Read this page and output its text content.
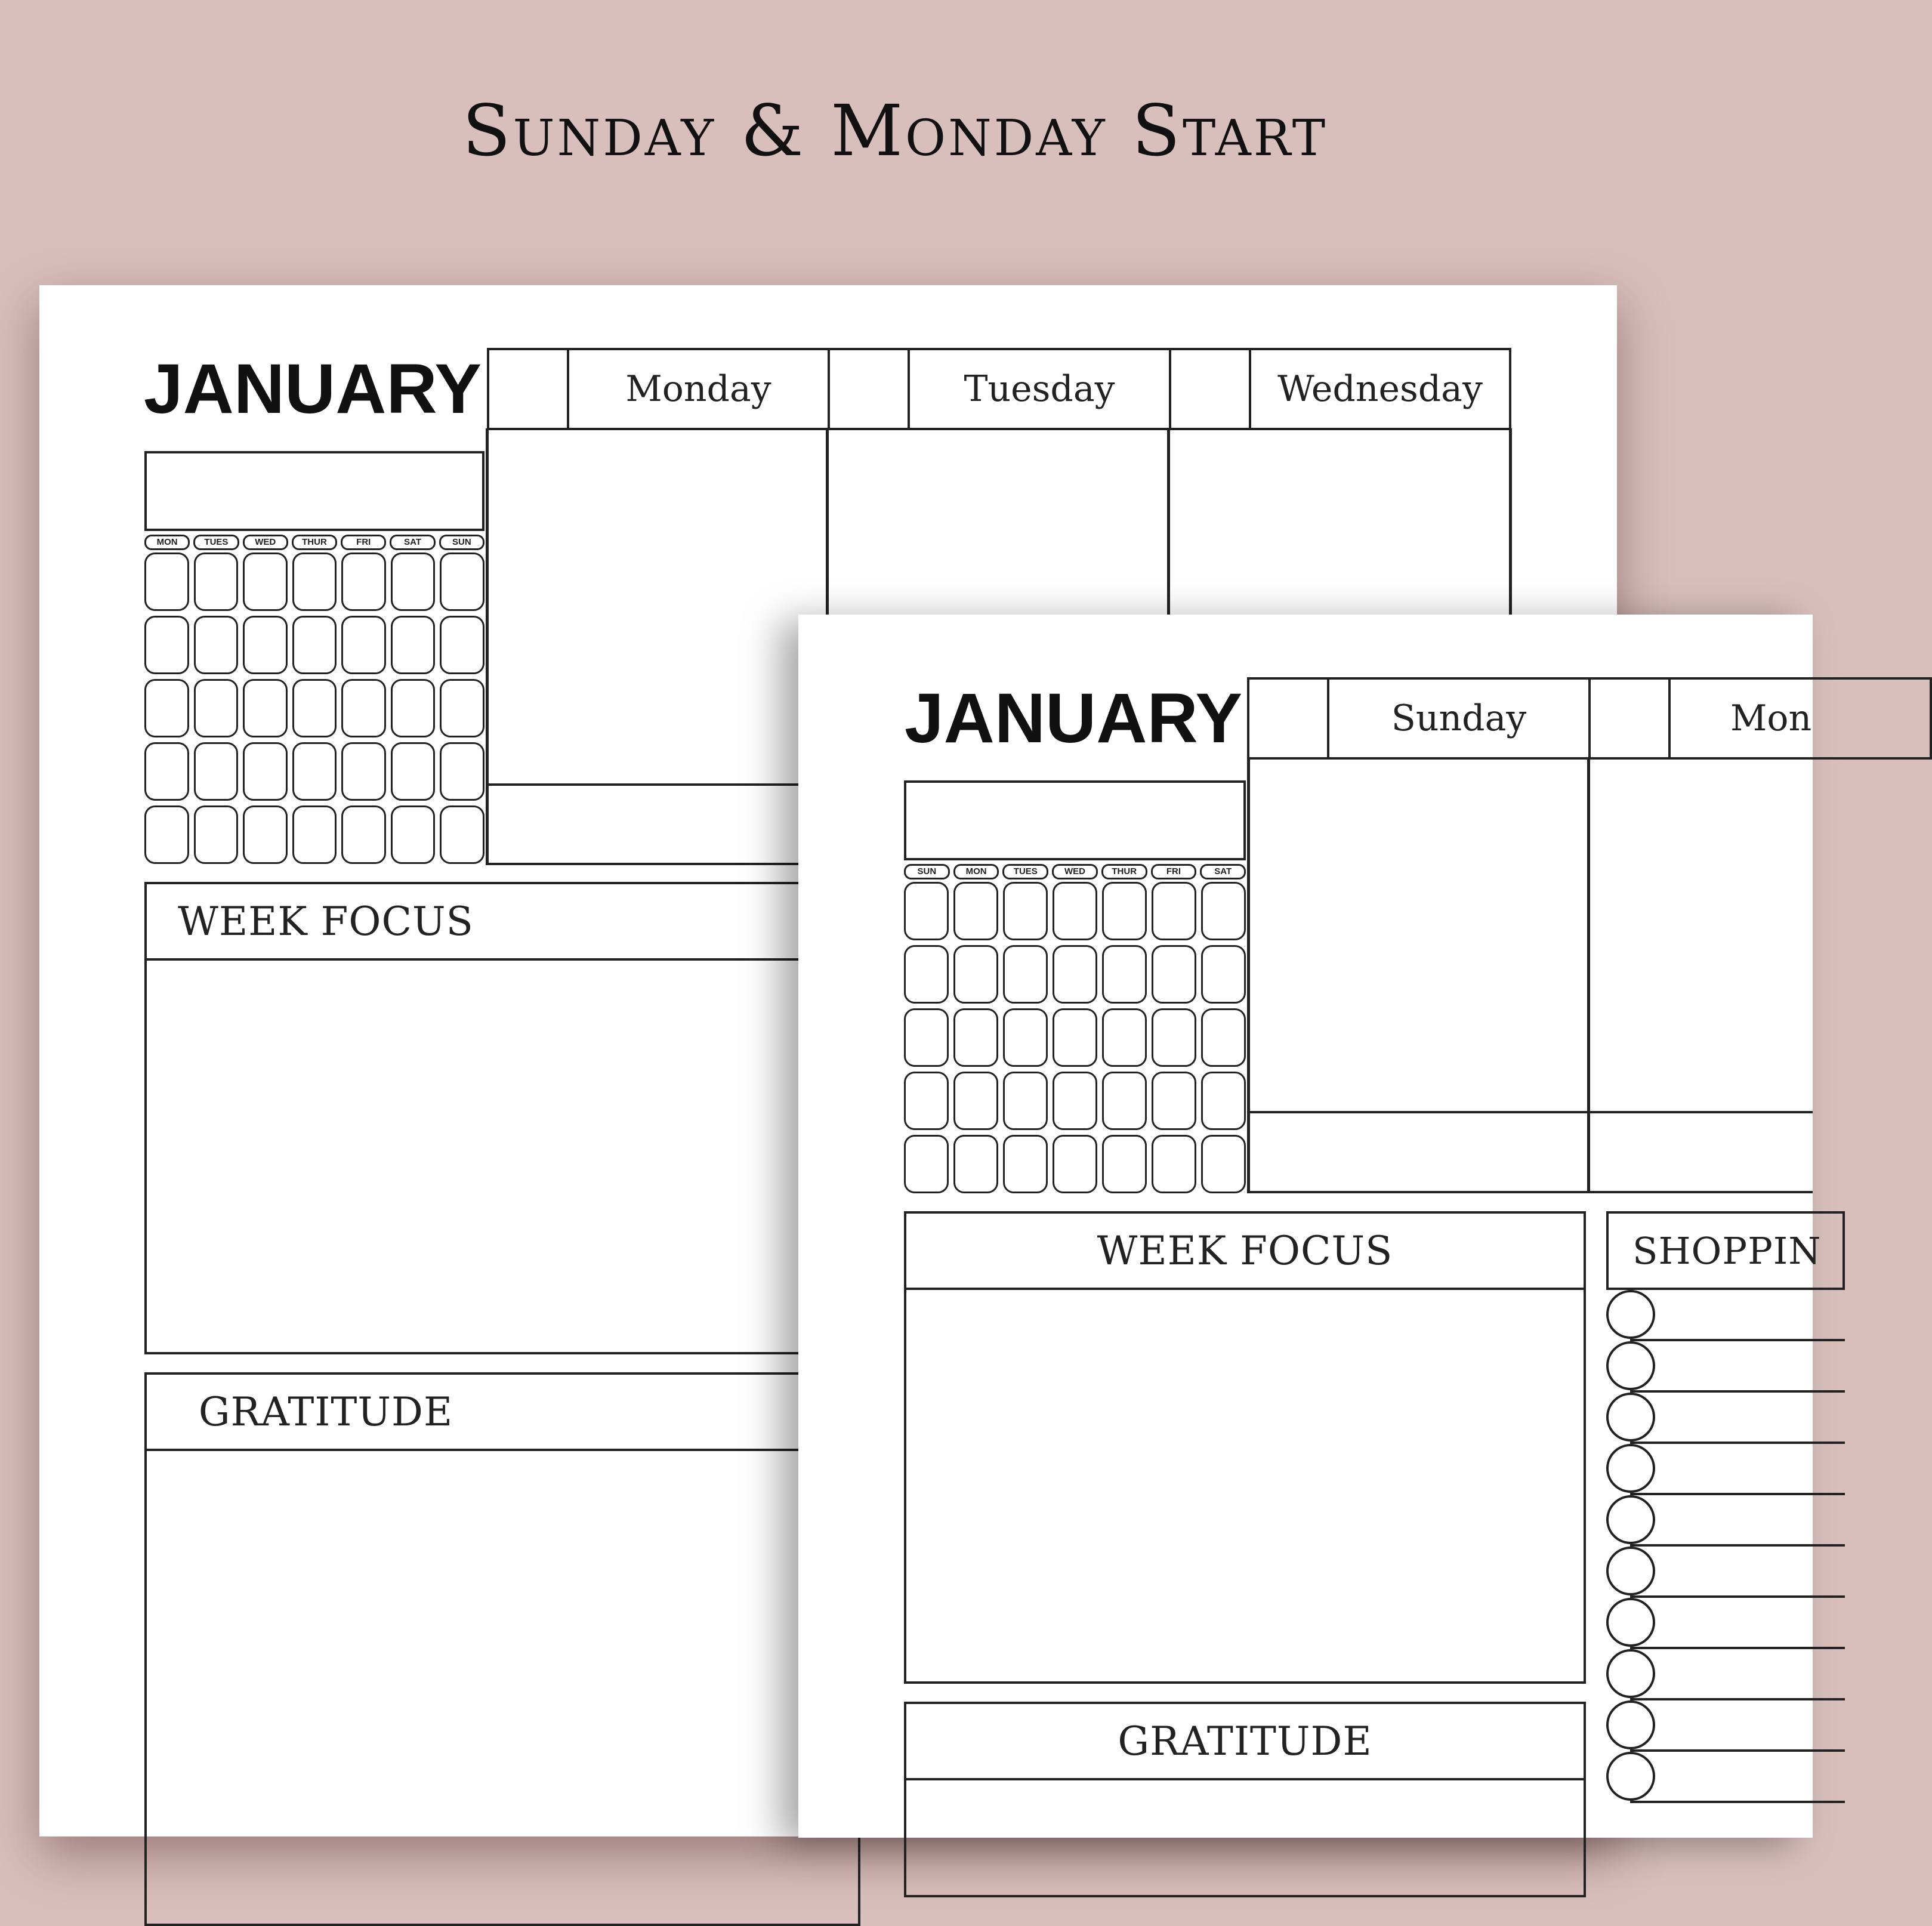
Sunday & Monday Start
JANUARY	Monday	Tuesday	Wednesday
MON	TUES	WED	THUR	FRI	SAT	SUN
WEEK FOCUS
GRATITUDE
JANUARY	Sunday	Mon
SUN	MON	TUES	WED	THUR	FRI	SAT
WEEK FOCUS
GRATITUDE
SHOPPIN
